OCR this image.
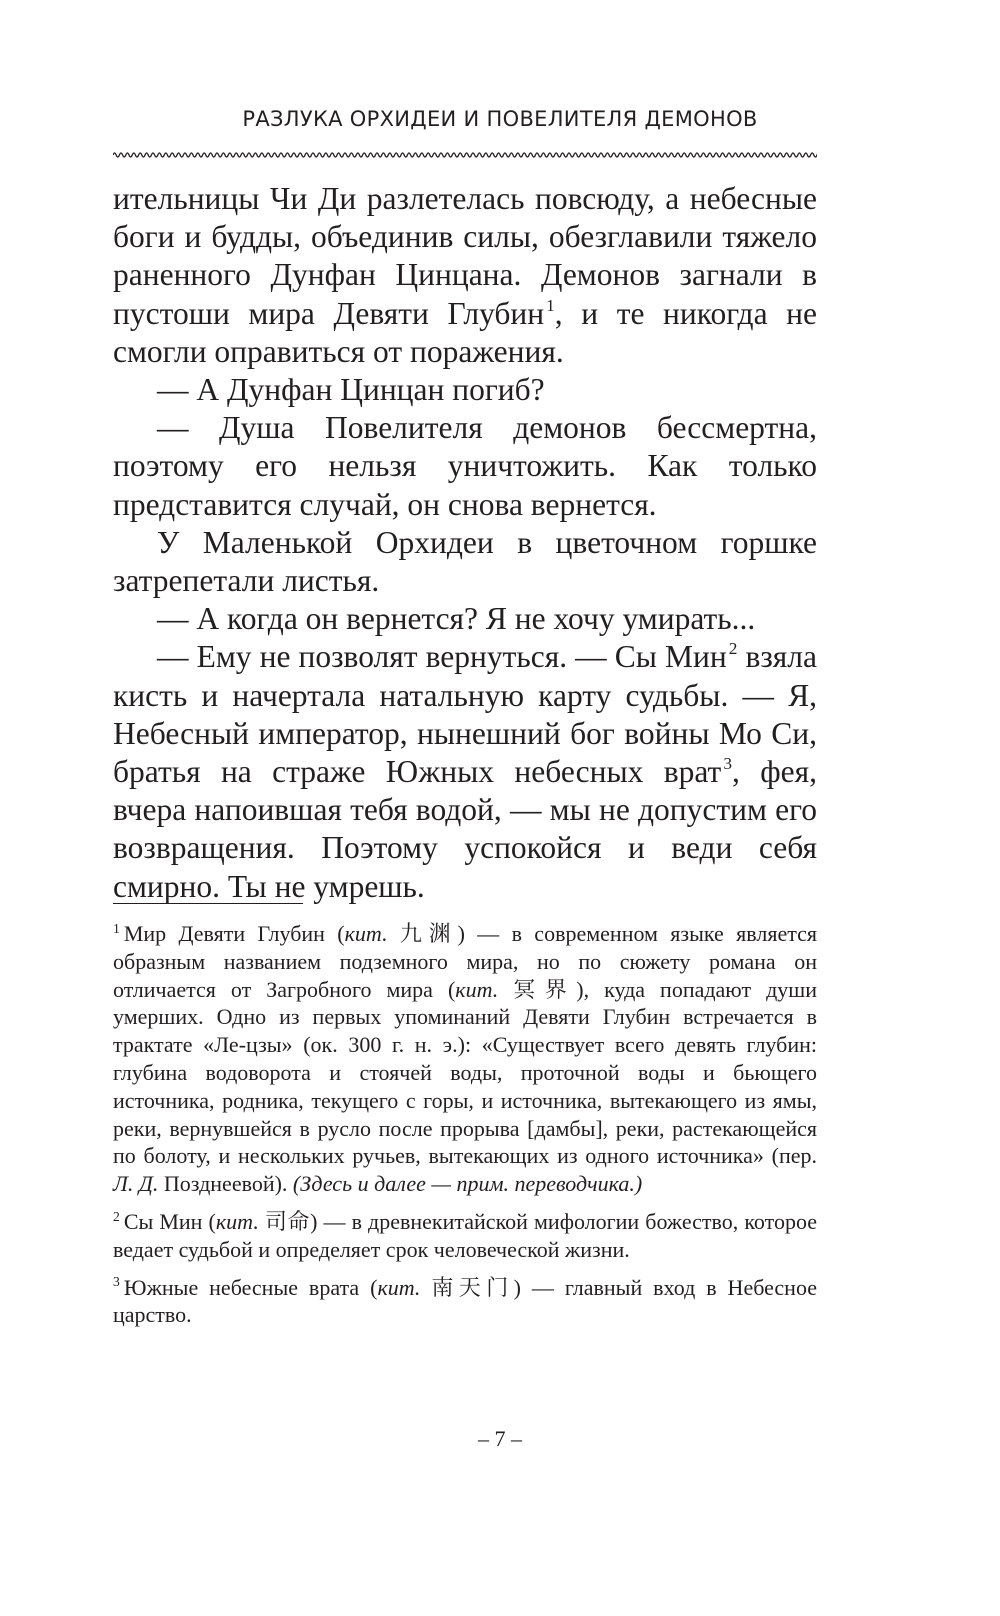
РАЗЛУКА ОРХИДЕИ И ПОВЕЛИТЕЛЯ ДЕМОНОВ

ительницы Чи Ди разлетелась повсюду, а небесные боги и будды, объединив силы, обезглавили тяжело раненного Дунфан Цинцана. Демонов загнали в пустоши мира Девяти Глубин $^1$, и те никогда не смогли оправиться от поражения.

— А Дунфан Цинцан погиб?

— Душа Повелителя демонов бессмертна, поэтому его нельзя уничтожить. Как только представится случай, он снова вернется.

У Маленькой Орхидеи в цветочном горшке затрепетали листья.

— А когда он вернется? Я не хочу умирать...

— Ему не позволят вернуться. — Сы Мин $^2$ взяла кисть и начертала натальную карту судьбы. — Я, Небесный император, нынешний бог войны Мо Си, братья на страже Южных небесных врат $^3$, фея, вчера напоившая тебя водой, — мы не допустим его возвращения. Поэтому успокойся и веди себя смирно. Ты не умрешь.

$^1$ Мир Девяти Глубин (кит. 九渊) — в современном языке является образным названием подземного мира, но по сюжету романа он отличается от Загробного мира (кит. 冥界), куда попадают души умерших. Одно из первых упоминаний Девяти Глубин встречается в трактате «Ле-цзы» (ок. 300 г. н. э.): «Существует всего девять глубин: глубина водоворота и стоячей воды, проточной воды и бьющего источника, родника, текущего с горы, и источника, вытекающего из ямы, реки, вернувшейся в русло после прорыва [дамбы], реки, растекающейся по болоту, и нескольких ручьев, вытекающих из одного источника» (пер. Л. Д. Позднеевой). (Здесь и далее — прим. переводчика.)

$^2$ Сы Мин (кит. 司命) — в древнекитайской мифологии божество, которое ведает судьбой и определяет срок человеческой жизни.

$^3$ Южные небесные врата (кит. 南天门) — главный вход в Небесное царство.

– 7 –
